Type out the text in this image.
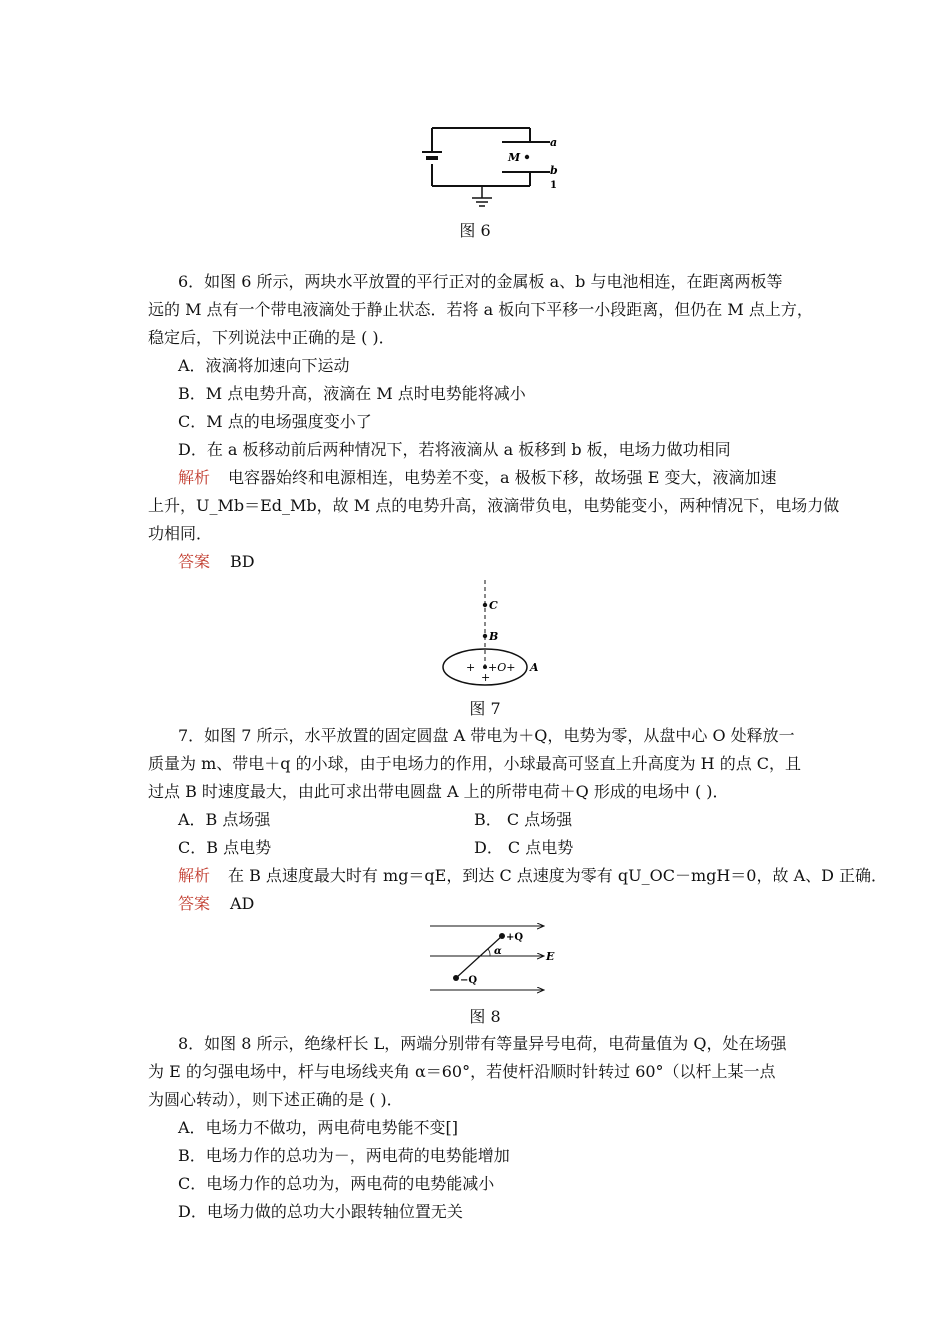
M
a
b
1
图 6
6．如图 6 所示，两块水平放置的平行正对的金属板 a、b 与电池相连，在距离两板等
远的 M 点有一个带电液滴处于静止状态．若将 a 板向下平移一小段距离，但仍在 M 点上方，
稳定后，下列说法中正确的是 ( )．
A．液滴将加速向下运动
B．M 点电势升高，液滴在 M 点时电势能将减小
C．M 点的电场强度变小了
D．在 a 板移动前后两种情况下，若将液滴从 a 板移到 b 板，电场力做功相同
解析 电容器始终和电源相连，电势差不变，a 极板下移，故场强 E 变大，液滴加速
上升，U_Mb＝Ed_Mb，故 M 点的电势升高，液滴带负电，电势能变小，两种情况下，电场力做
功相同．
答案 BD
C
B
+ +O+
+
A
图 7
7．如图 7 所示，水平放置的固定圆盘 A 带电为＋Q，电势为零，从盘中心 O 处释放一
质量为 m、带电＋q 的小球，由于电场力的作用，小球最高可竖直上升高度为 H 的点 C，且
过点 B 时速度最大，由此可求出带电圆盘 A 上的所带电荷＋Q 形成的电场中 ( )．
A．B 点场强	B． C 点场强
C．B 点电势	D． C 点电势
解析 在 B 点速度最大时有 mg＝qE，到达 C 点速度为零有 qU_OC－mgH＝0，故 A、D 正确．
答案 AD
+Q
−Q
α	E
图 8
8．如图 8 所示，绝缘杆长 L，两端分别带有等量异号电荷，电荷量值为 Q，处在场强
为 E 的匀强电场中，杆与电场线夹角 α＝60°，若使杆沿顺时针转过 60°（以杆上某一点
为圆心转动），则下述正确的是 ( )．
A．电场力不做功，两电荷电势能不变[]
B．电场力作的总功为－，两电荷的电势能增加
C．电场力作的总功为，两电荷的电势能减小
D．电场力做的总功大小跟转轴位置无关
